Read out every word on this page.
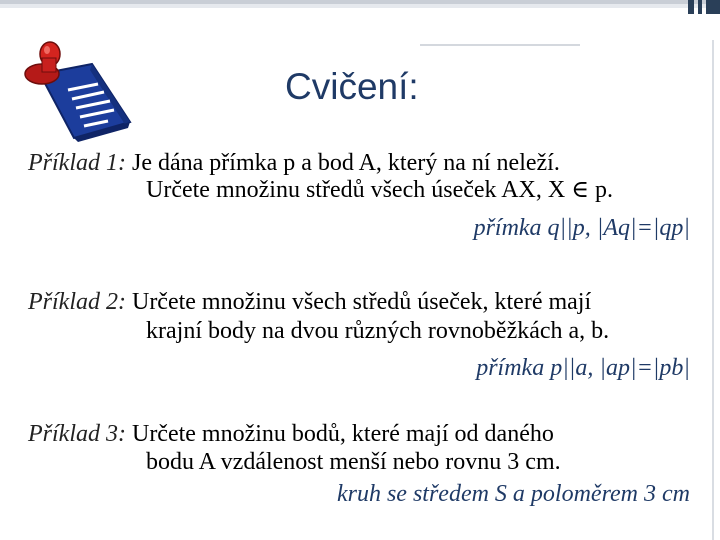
Cvičení:
Příklad 1: Je dána přímka p a bod A, který na ní neleží.
Určete množinu středů všech úseček AX, X ∈ p.
přímka q||p, |Aq|=|qp|
Příklad 2: Určete množinu všech středů úseček, které mají
krajní body na dvou různých rovnoběžkách a, b.
přímka p||a, |ap|=|pb|
Příklad 3: Určete množinu bodů, které mají od daného
bodu A vzdálenost menší nebo rovnu 3 cm.
kruh se středem S a poloměrem 3 cm
